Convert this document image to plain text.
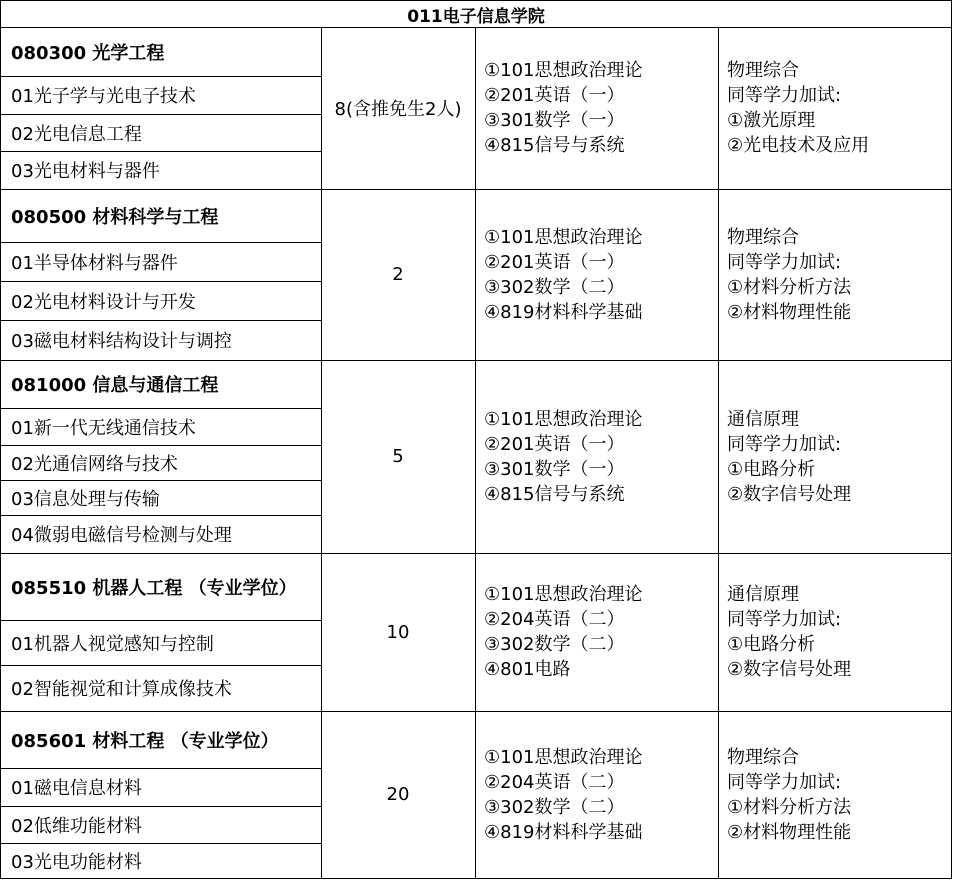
011电子信息学院
080300 光学工程
01光子学与光电子技术
02光电信息工程
03光电材料与器件
8(含推免生2人)
①101思想政治理论
②201英语（一）
③301数学（一）
④815信号与系统
物理综合
同等学力加试:
①激光原理
②光电技术及应用
080500 材料科学与工程
01半导体材料与器件
02光电材料设计与开发
03磁电材料结构设计与调控
2
①101思想政治理论
②201英语（一）
③302数学（二）
④819材料科学基础
物理综合
同等学力加试:
①材料分析方法
②材料物理性能
081000 信息与通信工程
01新一代无线通信技术
02光通信网络与技术
03信息处理与传输
04微弱电磁信号检测与处理
5
①101思想政治理论
②201英语（一）
③301数学（一）
④815信号与系统
通信原理
同等学力加试:
①电路分析
②数字信号处理
085510 机器人工程 （专业学位）
01机器人视觉感知与控制
02智能视觉和计算成像技术
10
①101思想政治理论
②204英语（二）
③302数学（二）
④801电路
通信原理
同等学力加试:
①电路分析
②数字信号处理
085601 材料工程 （专业学位）
01磁电信息材料
02低维功能材料
03光电功能材料
20
①101思想政治理论
②204英语（二）
③302数学（二）
④819材料科学基础
物理综合
同等学力加试:
①材料分析方法
②材料物理性能
